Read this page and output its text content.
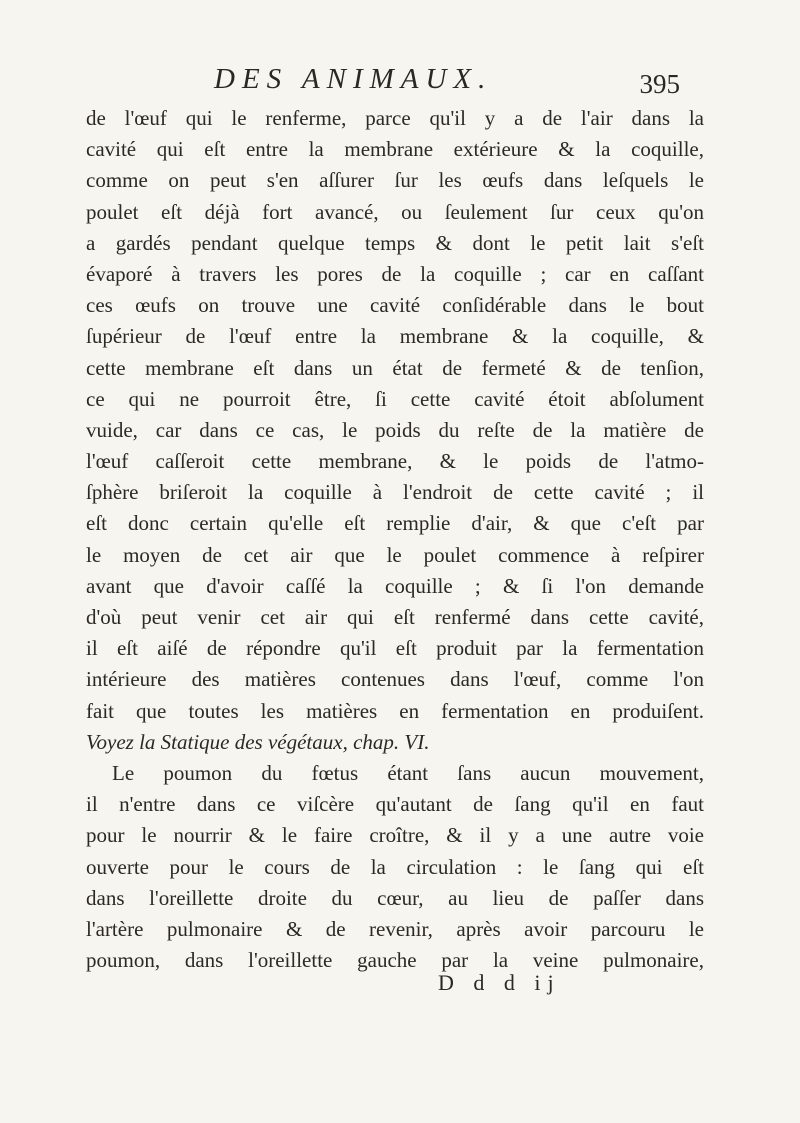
DES ANIMAUX.	395
de l'œuf qui le renferme, parce qu'il y a de l'air dans la
cavité qui eſt entre la membrane extérieure & la coquille,
comme on peut s'en aſſurer ſur les œufs dans leſquels le
poulet eſt déjà fort avancé, ou ſeulement ſur ceux qu'on
a gardés pendant quelque temps & dont le petit lait s'eſt
évaporé à travers les pores de la coquille ; car en caſſant
ces œufs on trouve une cavité conſidérable dans le bout
ſupérieur de l'œuf entre la membrane & la coquille, &
cette membrane eſt dans un état de fermeté & de tenſion,
ce qui ne pourroit être, ſi cette cavité étoit abſolument
vuide, car dans ce cas, le poids du reſte de la matière de
l'œuf caſſeroit cette membrane, & le poids de l'atmo-
ſphère briſeroit la coquille à l'endroit de cette cavité ; il
eſt donc certain qu'elle eſt remplie d'air, & que c'eſt par
le moyen de cet air que le poulet commence à reſpirer
avant que d'avoir caſſé la coquille ; & ſi l'on demande
d'où peut venir cet air qui eſt renfermé dans cette cavité,
il eſt aiſé de répondre qu'il eſt produit par la fermentation
intérieure des matières contenues dans l'œuf, comme l'on
fait que toutes les matières en fermentation en produiſent.
Voyez la Statique des végétaux, chap. VI.
Le poumon du fœtus étant ſans aucun mouvement,
il n'entre dans ce viſcère qu'autant de ſang qu'il en faut
pour le nourrir & le faire croître, & il y a une autre voie
ouverte pour le cours de la circulation : le ſang qui eſt
dans l'oreillette droite du cœur, au lieu de paſſer dans
l'artère pulmonaire & de revenir, après avoir parcouru le
poumon, dans l'oreillette gauche par la veine pulmonaire,
D d d ij
